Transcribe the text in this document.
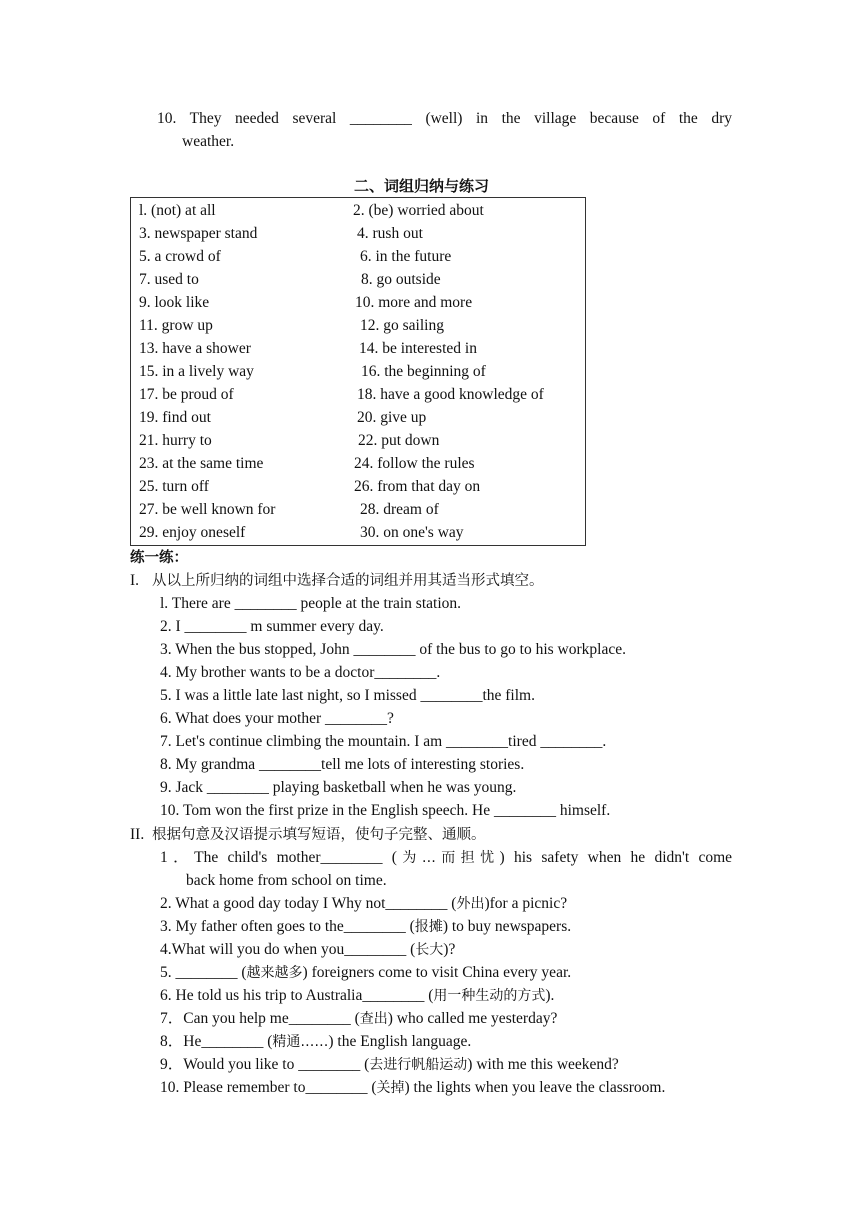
10. They needed several ________ (well) in the village because of the dry
weather.
二、词组归纳与练习
l. (not) at all	2. (be) worried about
3. newspaper stand	4. rush out
5. a crowd of	6. in the future
7. used to	8. go outside
9. look like	10. more and more
11. grow up	12. go sailing
13. have a shower	14. be interested in
15. in a lively way	16. the beginning of
17. be proud of	18. have a good knowledge of
19. find out	20. give up
21. hurry to	22. put down
23. at the same time	24. follow the rules
25. turn off	26. from that day on
27. be well known for	28. dream of
29. enjoy oneself	30. on one's way
练一练：
I. 从以上所归纳的词组中选择合适的词组并用其适当形式填空。
l. There are ________ people at the train station.
2. I ________ m summer every day.
3. When the bus stopped, John ________ of the bus to go to his workplace.
4. My brother wants to be a doctor________.
5. I was a little late last night, so I missed ________the film.
6. What does your mother ________?
7. Let's continue climbing the mountain. I am ________tired ________.
8. My grandma ________tell me lots of interesting stories.
9. Jack ________ playing basketball when he was young.
10. Tom won the first prize in the English speech. He ________ himself.
II. 根据句意及汉语提示填写短语，使句子完整、通顺。
1．The child's mother________ (为…而担忧) his safety when he didn't come
back home from school on time.
2. What a good day today I Why not________ (外出)for a picnic?
3. My father often goes to the________ (报摊) to buy newspapers.
4.What will you do when you________ (长大)?
5. ________ (越来越多) foreigners come to visit China every year.
6. He told us his trip to Australia________ (用一种生动的方式).
7．Can you help me________ (查出) who called me yesterday?
8．He________ (精通……) the English language.
9．Would you like to ________ (去进行帆船运动) with me this weekend?
10. Please remember to________ (关掉) the lights when you leave the classroom.
